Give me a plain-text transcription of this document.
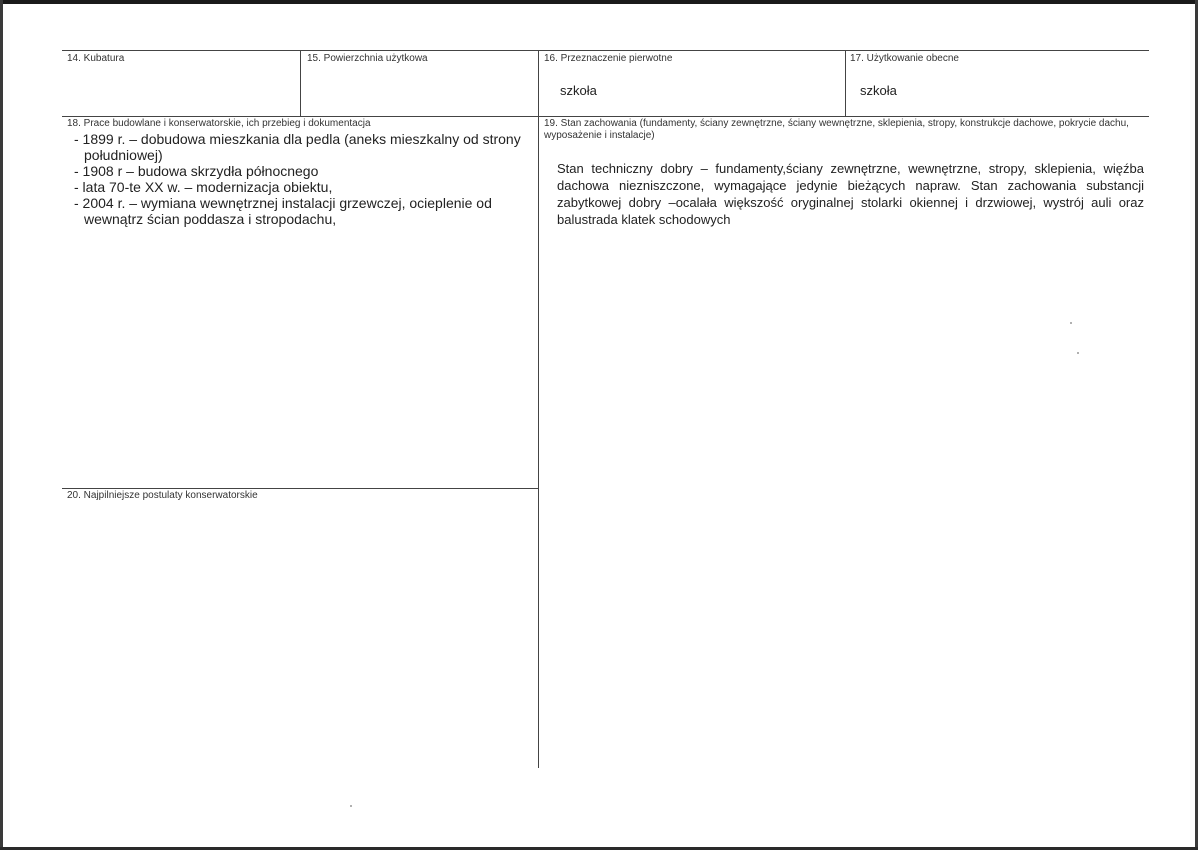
14. Kubatura	15. Powierzchnia użytkowa	16. Przeznaczenie pierwotne
szkoła
17. Użytkowanie obecne
szkoła
18. Prace budowlane i konserwatorskie, ich przebieg i dokumentacja
- 1899 r. – dobudowa mieszkania dla pedla (aneks mieszkalny od strony południowej)
- 1908 r – budowa skrzydła północnego
- lata 70-te XX w. – modernizacja obiektu,
- 2004 r. – wymiana wewnętrznej instalacji grzewczej, ocieplenie od wewnątrz ścian poddasza i stropodachu,
19. Stan zachowania (fundamenty, ściany zewnętrzne, ściany wewnętrzne, sklepienia, stropy, konstrukcje dachowe, pokrycie dachu, wyposażenie i instalacje)
Stan techniczny dobry – fundamenty,ściany zewnętrzne, wewnętrzne, stropy, sklepienia, więźba dachowa niezniszczone, wymagające jedynie bieżących napraw. Stan zachowania substancji zabytkowej dobry –ocalała większość oryginalnej stolarki okiennej i drzwiowej, wystrój auli oraz balustrada klatek schodowych
20. Najpilniejsze postulaty konserwatorskie
